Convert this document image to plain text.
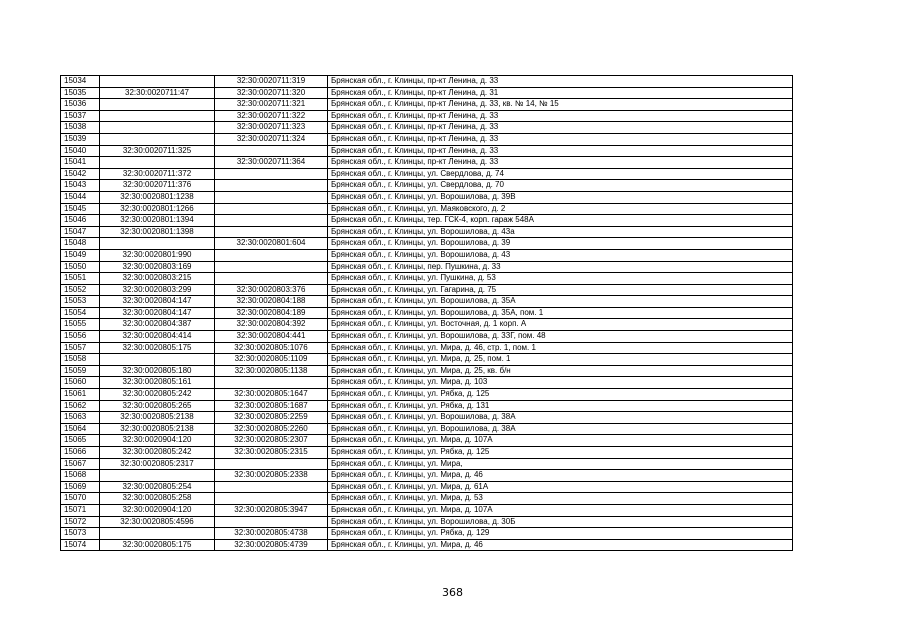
15034		32:30:0020711:319	Брянская обл., г. Клинцы, пр-кт Ленина, д. 33
15035	32:30:0020711:47	32:30:0020711:320	Брянская обл., г. Клинцы, пр-кт Ленина, д. 31
15036		32:30:0020711:321	Брянская обл., г. Клинцы, пр-кт Ленина, д. 33, кв. № 14, № 15
15037		32:30:0020711:322	Брянская обл., г. Клинцы, пр-кт Ленина, д. 33
15038		32:30:0020711:323	Брянская обл., г. Клинцы, пр-кт Ленина, д. 33
15039		32:30:0020711:324	Брянская обл., г. Клинцы, пр-кт Ленина, д. 33
15040	32:30:0020711:325		Брянская обл., г. Клинцы, пр-кт Ленина, д. 33
15041		32:30:0020711:364	Брянская обл., г. Клинцы, пр-кт Ленина, д. 33
15042	32:30:0020711:372		Брянская обл., г. Клинцы, ул. Свердлова, д. 74
15043	32:30:0020711:376		Брянская обл., г. Клинцы, ул. Свердлова, д. 70
15044	32:30:0020801:1238		Брянская обл., г. Клинцы, ул. Ворошилова, д. 39В
15045	32:30:0020801:1266		Брянская обл., г. Клинцы, ул. Маяковского, д. 2
15046	32:30:0020801:1394		Брянская обл., г. Клинцы, тер. ГСК-4, корп. гараж 548А
15047	32:30:0020801:1398		Брянская обл., г. Клинцы, ул. Ворошилова, д. 43а
15048		32:30:0020801:604	Брянская обл., г. Клинцы, ул. Ворошилова, д. 39
15049	32:30:0020801:990		Брянская обл., г. Клинцы, ул. Ворошилова, д. 43
15050	32:30:0020803:169		Брянская обл., г. Клинцы, пер. Пушкина, д. 33
15051	32:30:0020803:215		Брянская обл., г. Клинцы, ул. Пушкина, д. 53
15052	32:30:0020803:299	32:30:0020803:376	Брянская обл., г. Клинцы, ул. Гагарина, д. 75
15053	32:30:0020804:147	32:30:0020804:188	Брянская обл., г. Клинцы, ул. Ворошилова, д. 35А
15054	32:30:0020804:147	32:30:0020804:189	Брянская обл., г. Клинцы, ул. Ворошилова, д. 35А, пом. 1
15055	32:30:0020804:387	32:30:0020804:392	Брянская обл., г. Клинцы, ул. Восточная, д. 1 корп. А
15056	32:30:0020804:414	32:30:0020804:441	Брянская обл., г. Клинцы, ул. Ворошилова, д. 33Г, пом. 48
15057	32:30:0020805:175	32:30:0020805:1076	Брянская обл., г. Клинцы, ул. Мира, д. 46, стр. 1, пом. 1
15058		32:30:0020805:1109	Брянская обл., г. Клинцы, ул. Мира, д. 25, пом. 1
15059	32:30:0020805:180	32:30:0020805:1138	Брянская обл., г. Клинцы, ул. Мира, д. 25, кв. б/н
15060	32:30:0020805:161		Брянская обл., г. Клинцы, ул. Мира, д. 103
15061	32:30:0020805:242	32:30:0020805:1647	Брянская обл., г. Клинцы, ул. Рябка, д. 125
15062	32:30:0020805:265	32:30:0020805:1687	Брянская обл., г. Клинцы, ул. Рябка, д. 131
15063	32:30:0020805:2138	32:30:0020805:2259	Брянская обл., г. Клинцы, ул. Ворошилова, д. 38А
15064	32:30:0020805:2138	32:30:0020805:2260	Брянская обл., г. Клинцы, ул. Ворошилова, д. 38А
15065	32:30:0020904:120	32:30:0020805:2307	Брянская обл., г. Клинцы, ул. Мира, д. 107А
15066	32:30:0020805:242	32:30:0020805:2315	Брянская обл., г. Клинцы, ул. Рябка, д. 125
15067	32:30:0020805:2317		Брянская обл., г. Клинцы, ул. Мира,
15068		32:30:0020805:2338	Брянская обл., г. Клинцы, ул. Мира, д. 46
15069	32:30:0020805:254		Брянская обл., г. Клинцы, ул. Мира, д. 61А
15070	32:30:0020805:258		Брянская обл., г. Клинцы, ул. Мира, д. 53
15071	32:30:0020904:120	32:30:0020805:3947	Брянская обл., г. Клинцы, ул. Мира, д. 107А
15072	32:30:0020805:4596		Брянская обл., г. Клинцы, ул. Ворошилова, д. 30Б
15073		32:30:0020805:4738	Брянская обл., г. Клинцы, ул. Рябка, д. 129
15074	32:30:0020805:175	32:30:0020805:4739	Брянская обл., г. Клинцы, ул. Мира, д. 46
368
